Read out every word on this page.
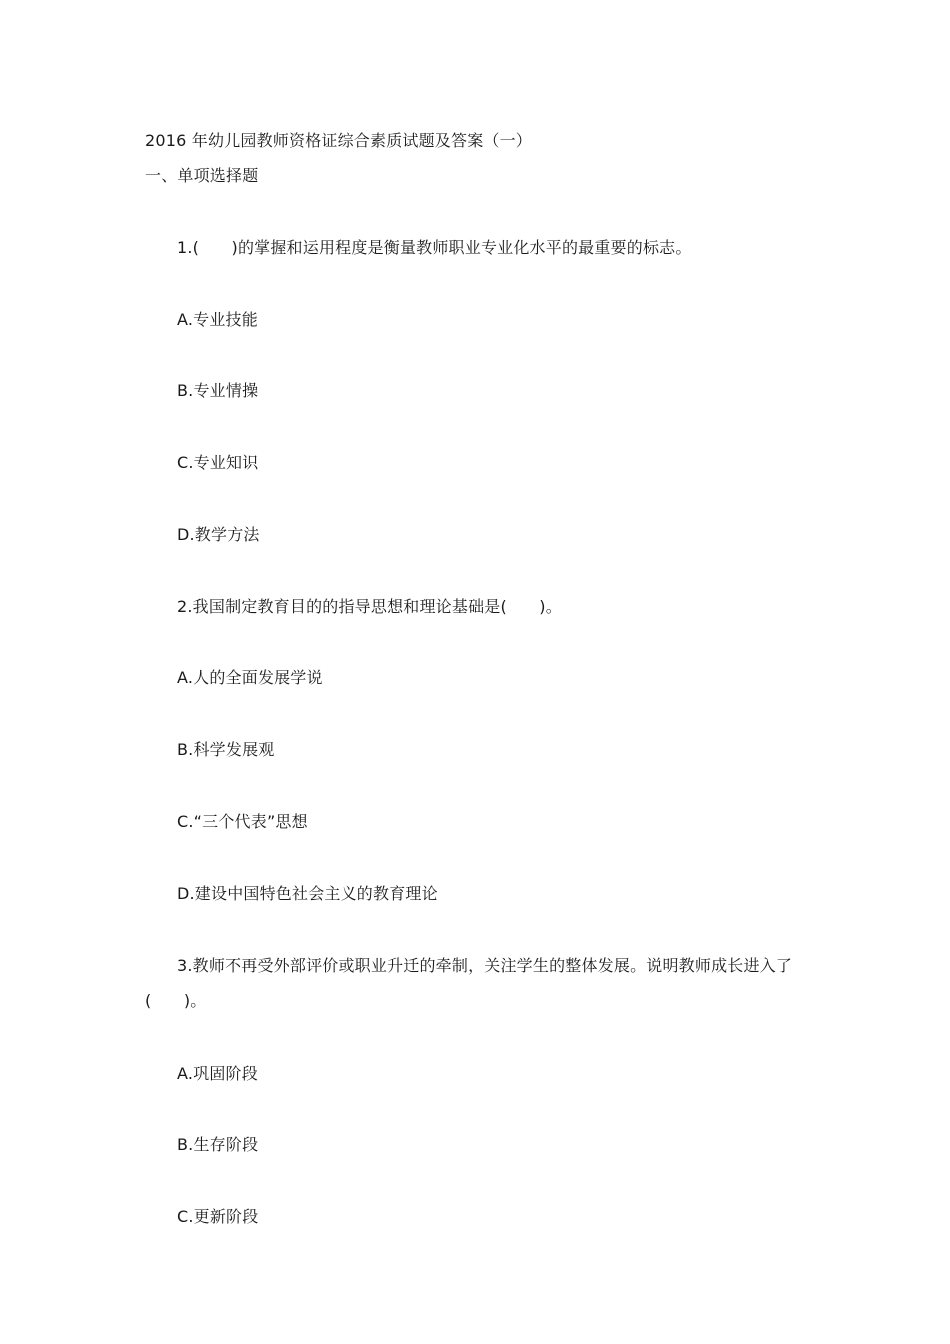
2016 年幼儿园教师资格证综合素质试题及答案（一）
一、单项选择题
1.(　　)的掌握和运用程度是衡量教师职业专业化水平的最重要的标志。
A.专业技能
B.专业情操
C.专业知识
D.教学方法
2.我国制定教育目的的指导思想和理论基础是(　　)。
A.人的全面发展学说
B.科学发展观
C.“三个代表”思想
D.建设中国特色社会主义的教育理论
3.教师不再受外部评价或职业升迁的牵制，关注学生的整体发展。说明教师成长进入了
(　　)。
A.巩固阶段
B.生存阶段
C.更新阶段
